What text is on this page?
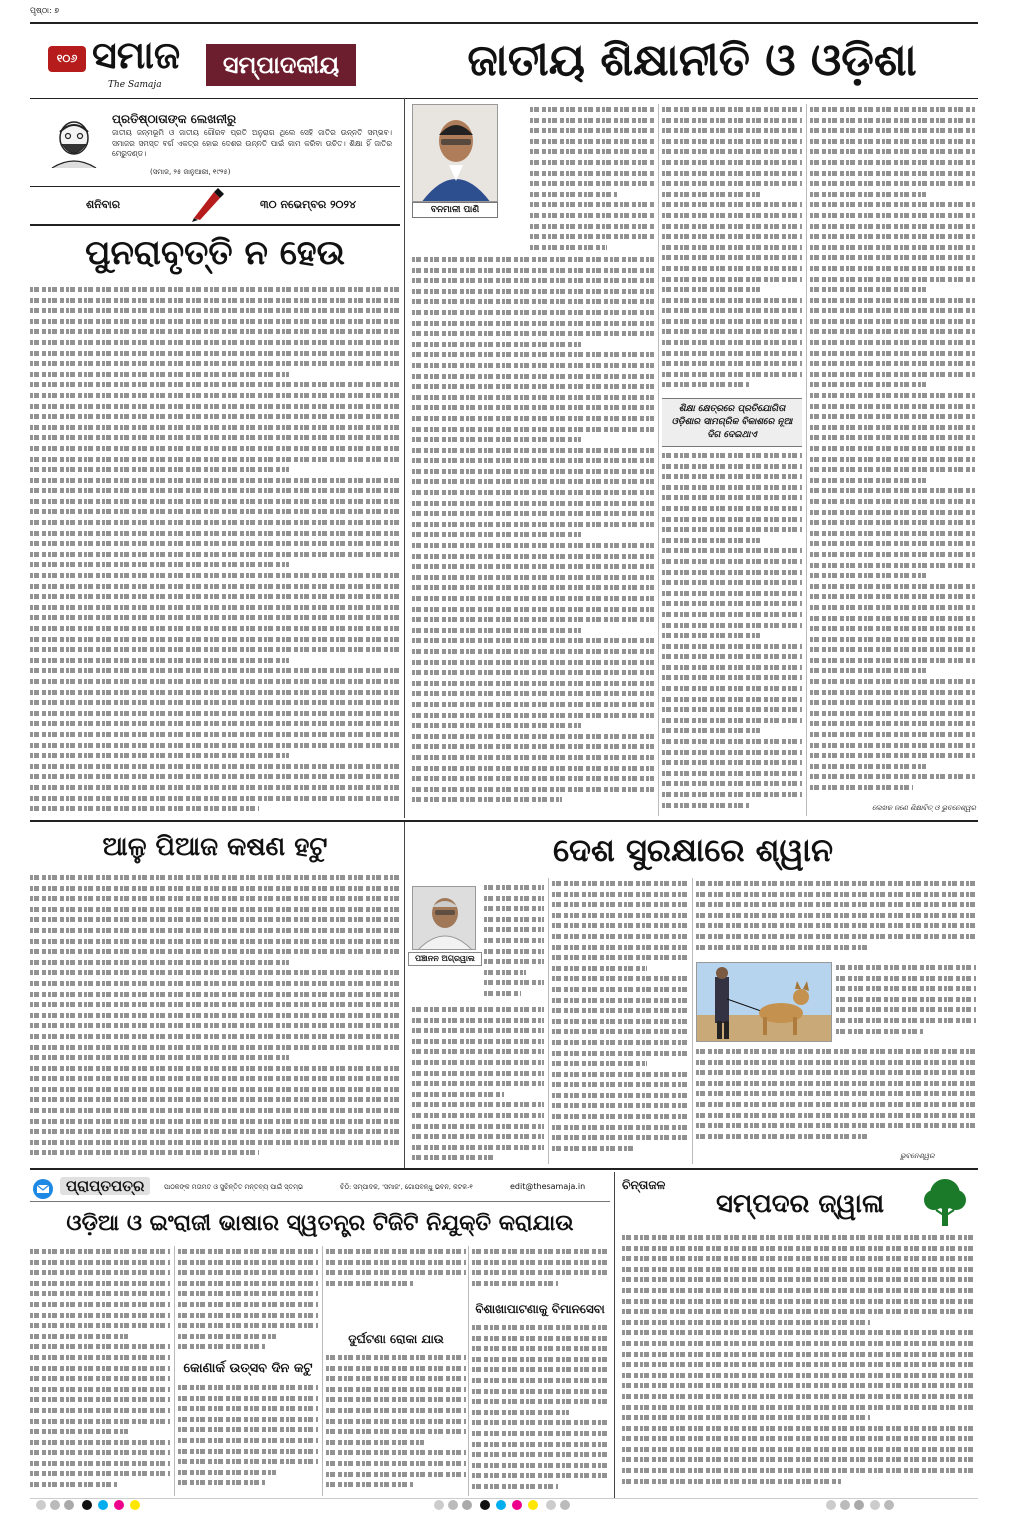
ପୃଷ୍ଠା: ୭
୧୦୬ ସମାଜ
The Samaja
ସମ୍ପାଦକୀୟ	ଜାତୀୟ ଶିକ୍ଷାନୀତି ଓ ଓଡ଼ିଶା
ପ୍ରତିଷ୍ଠାତାଙ୍କ ଲେଖନୀରୁ
ଜାତୀୟ ଜନ୍ମଭୂମି ଓ ଜାତୀୟ ଗୌରବ ପ୍ରତି ଅନୁରାଗ ଥିଲେ ସେହି ଜାତିର ଉନ୍ନତି ସମ୍ଭବ। ସମାଜର ସମସ୍ତ ବର୍ଗ ଏକତ୍ର ହୋଇ ଦେଶର ଉନ୍ନତି ପାଇଁ କାମ କରିବା ଉଚିତ। ଶିକ୍ଷା ହିଁ ଜାତିର ମେରୁଦଣ୍ଡ।
(ସମାଜ, ୨୫ ଜାନୁଆରୀ, ୧୯୨୫)
ଶନିବାର	୩୦ ନଭେମ୍ବର ୨୦୨୪
ପୁନରାବୃତ୍ତି ନ ହେଉ
ବନମାଳୀ ପାଣି
ଶିକ୍ଷା କ୍ଷେତ୍ରରେ ପ୍ରତିଯୋଗିତା ଓଡ଼ିଶାର ସାମଗ୍ରିକ ବିକାଶରେ ନୂଆ ଦିଗ ଦେଇଥାଏ
ଲେଖକ ଜଣେ ଶିକ୍ଷାବିତ୍ ଓ ଭୁବନେଶ୍ୱର
ଆଳୁ ପିଆଜ କଷଣ ହଟୁ	ଦେଶ ସୁରକ୍ଷାରେ ଶ୍ୱାନ
ପଞ୍ଚାନନ ଅଗ୍ରୱାଲ
ଭୁବନେଶ୍ୱର
ପ୍ରାପ୍ତପତ୍ର	ପାଠକଙ୍କ ମତାମତ ଓ ସୁଚିନ୍ତିତ ମନ୍ତବ୍ୟ ପାଇଁ ସ୍ତମ୍ଭ	ଚିଠି: ସମ୍ପାଦକ, 'ସମାଜ', ଗୋପବନ୍ଧୁ ଭବନ, କଟକ-୧	edit@thesamaja.in
ଓଡ଼ିଆ ଓ ଇଂରାଜୀ ଭାଷାର ସ୍ୱତନ୍ତ୍ର ଟିଜିଟି ନିଯୁକ୍ତି କରାଯାଉ
କୋଣାର୍କ ଉତ୍ସବ ଦିନ କଟୁ
ବିଶାଖାପାଟଣାକୁ ବିମାନସେବା
ଦୁର୍ଘଟଣା ରୋକା ଯାଉ
ଚିନ୍ତାଜଳ
ସମ୍ପଦର ଜ୍ୱାଳା
